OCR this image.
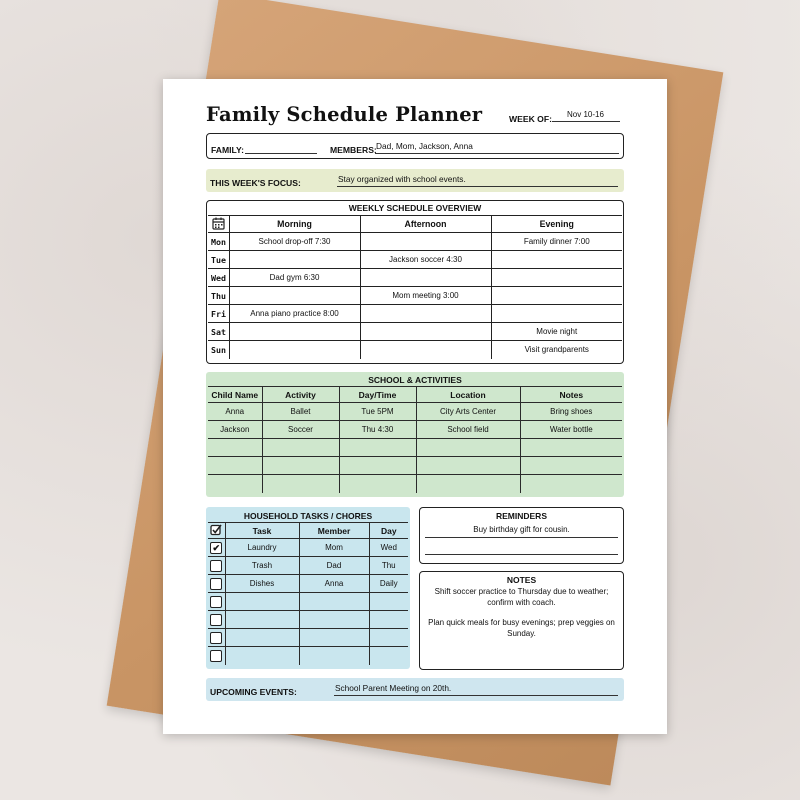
Family Schedule Planner	WEEK OF: Nov 10-16
FAMILY:	MEMBERS: Dad, Mom, Jackson, Anna
THIS WEEK'S FOCUS:	Stay organized with school events.
WEEKLY SCHEDULE OVERVIEW
	Morning	Afternoon	Evening
Mon	School drop-off 7:30		Family dinner 7:00
Tue		Jackson soccer 4:30	
Wed	Dad gym 6:30		
Thu		Mom meeting 3:00	
Fri	Anna piano practice 8:00		
Sat			Movie night
Sun			Visit grandparents
SCHOOL & ACTIVITIES
Child Name	Activity	Day/Time	Location	Notes
Anna	Ballet	Tue 5PM	City Arts Center	Bring shoes
Jackson	Soccer	Thu 4:30	School field	Water bottle

HOUSEHOLD TASKS / CHORES
	Task	Member	Day
✔	Laundry	Mom	Wed
	Trash	Dad	Thu
	Dishes	Anna	Daily

REMINDERS
Buy birthday gift for cousin.
NOTES
Shift soccer practice to Thursday due to weather; confirm with coach.
Plan quick meals for busy evenings; prep veggies on Sunday.
UPCOMING EVENTS:	School Parent Meeting on 20th.
